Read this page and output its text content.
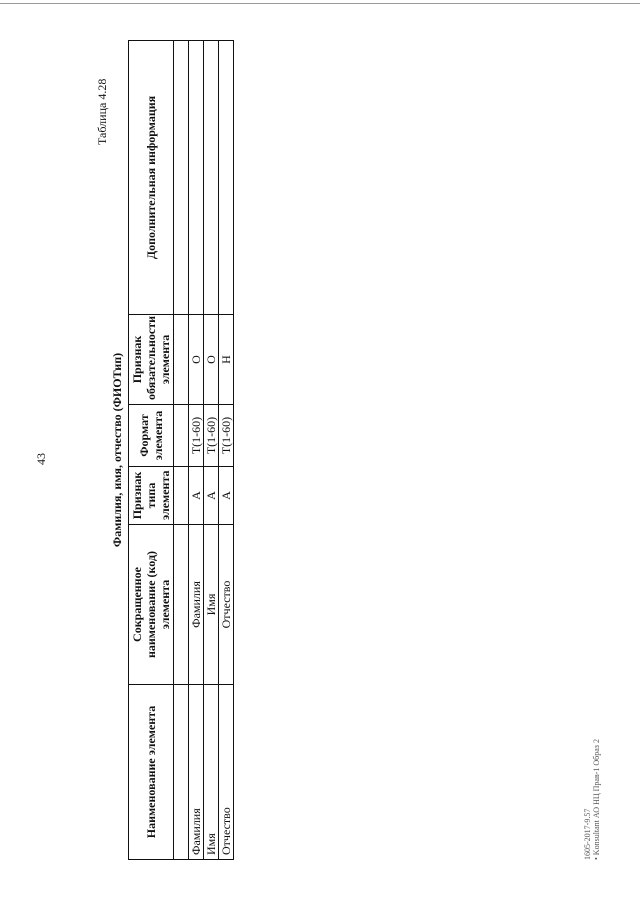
43
Таблица 4.28
Фамилия, имя, отчество (ФИОТип)
Наименование элемента	Сокращенное наименование (код) элемента	Признак типа элемента	Формат элемента	Признак обязательности элемента	Дополнительная информация

Фамилия	Фамилия	А	Т(1-60)	О	
Имя	Имя	А	Т(1-60)	О	
Отчество	Отчество	А	Т(1-60)	Н	
1605-2017-9.57 • Konsultant АО НЦ Прав-1 Образ 2
